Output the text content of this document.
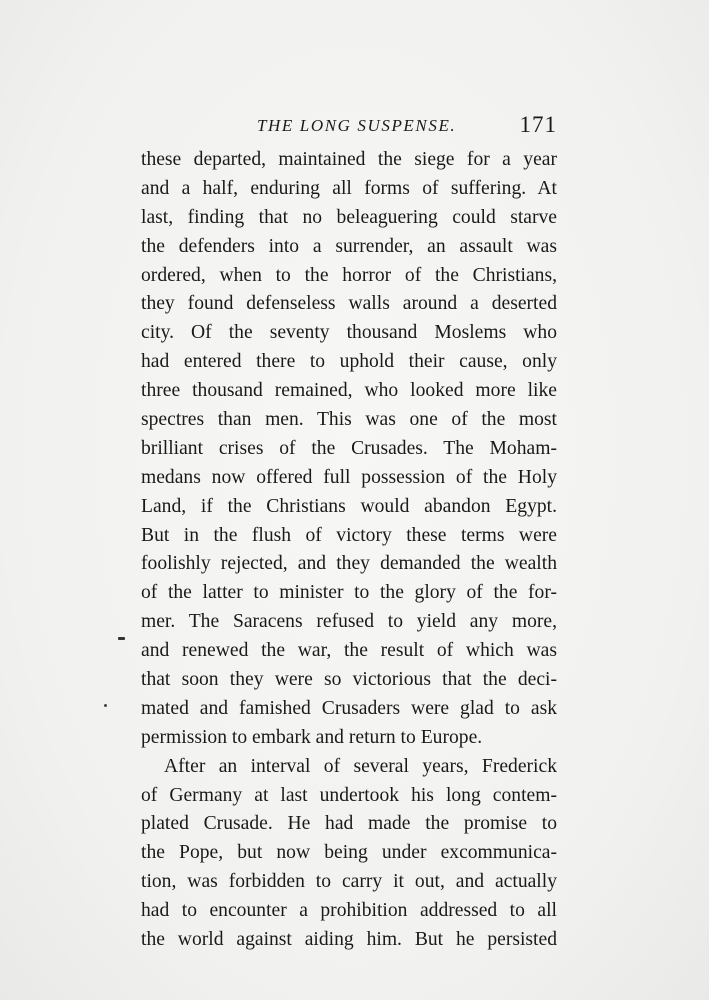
THE LONG SUSPENSE.	171
these departed, maintained the siege for a year
and a half, enduring all forms of suffering. At
last, finding that no beleaguering could starve
the defenders into a surrender, an assault was
ordered, when to the horror of the Christians,
they found defenseless walls around a deserted
city. Of the seventy thousand Moslems who
had entered there to uphold their cause, only
three thousand remained, who looked more like
spectres than men. This was one of the most
brilliant crises of the Crusades. The Moham-
medans now offered full possession of the Holy
Land, if the Christians would abandon Egypt.
But in the flush of victory these terms were
foolishly rejected, and they demanded the wealth
of the latter to minister to the glory of the for-
mer. The Saracens refused to yield any more,
and renewed the war, the result of which was
that soon they were so victorious that the deci-
mated and famished Crusaders were glad to ask
permission to embark and return to Europe.
After an interval of several years, Frederick
of Germany at last undertook his long contem-
plated Crusade. He had made the promise to
the Pope, but now being under excommunica-
tion, was forbidden to carry it out, and actually
had to encounter a prohibition addressed to all
the world against aiding him. But he persisted
